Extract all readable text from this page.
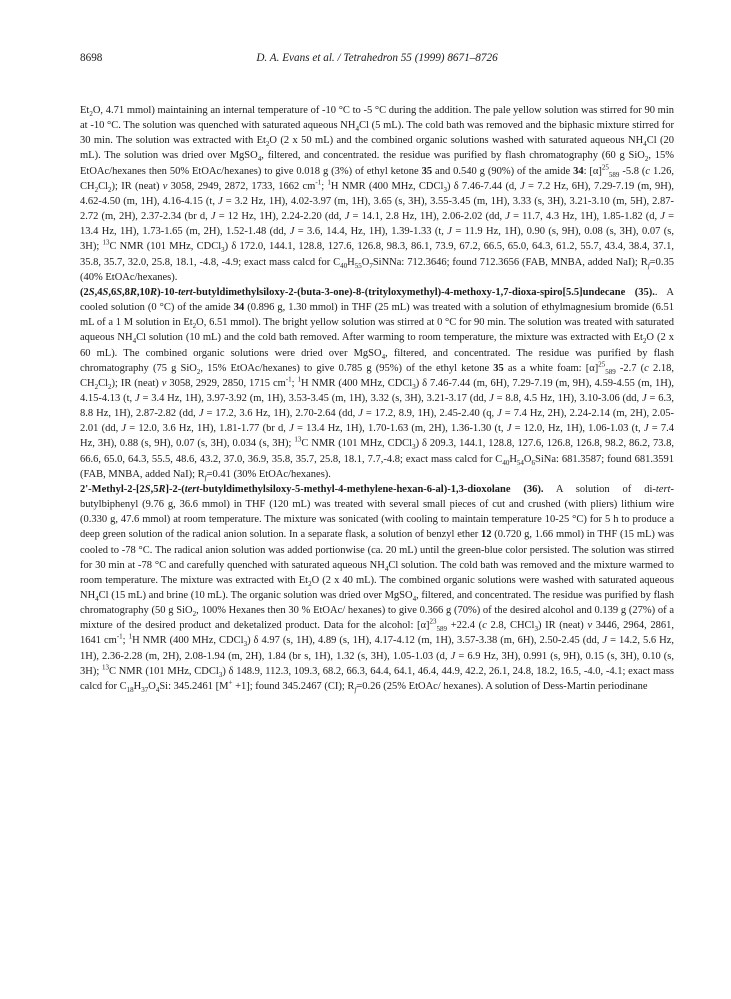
8698	D. A. Evans et al. / Tetrahedron 55 (1999) 8671–8726

$Et_2O$, 4.71 mmol) maintaining an internal temperature of -10 °C to -5 °C during the addition. The pale yellow solution was stirred for 90 min at -10 °C. The solution was quenched with saturated aqueous $NH_4Cl$ (5 mL). The cold bath was removed and the biphasic mixture stirred for 30 min. The solution was extracted with $Et_2O$ (2 x 50 mL) and the combined organic solutions washed with saturated aqueous $NH_4Cl$ (20 mL). The solution was dried over MgSO$_4$, filtered, and concentrated. the residue was purified by flash chromatography (60 g SiO$_2$, 15% EtOAc/hexanes then 50% EtOAc/hexanes) to give 0.018 g (3%) of ethyl ketone 35 and 0.540 g (90%) of the amide 34: $[\alpha]^{25}_{589}$ -5.8 (c 1.26, $CH_2Cl_2$); IR (neat) ν 3058, 2949, 2872, 1733, 1662 $cm^{-1}$; $^1$H NMR (400 MHz, CDCl$_3$) δ 7.46-7.44 (d, J = 7.2 Hz, 6H), 7.29-7.19 (m, 9H), 4.62-4.50 (m, 1H), 4.16-4.15 (t, J = 3.2 Hz, 1H), 4.02-3.97 (m, 1H), 3.65 (s, 3H), 3.55-3.45 (m, 1H), 3.33 (s, 3H), 3.21-3.10 (m, 5H), 2.87-2.72 (m, 2H), 2.37-2.34 (br d, J = 12 Hz, 1H), 2.24-2.20 (dd, J = 14.1, 2.8 Hz, 1H), 2.06-2.02 (dd, J = 11.7, 4.3 Hz, 1H), 1.85-1.82 (d, J = 13.4 Hz, 1H), 1.73-1.65 (m, 2H), 1.52-1.48 (dd, J = 3.6, 14.4, Hz, 1H), 1.39-1.33 (t, J = 11.9 Hz, 1H), 0.90 (s, 9H), 0.08 (s, 3H), 0.07 (s, 3H); $^{13}$C NMR (101 MHz, CDCl$_3$) δ 172.0, 144.1, 128.8, 127.6, 126.8, 98.3, 86.1, 73.9, 67.2, 66.5, 65.0, 64.3, 61.2, 55.7, 43.4, 38.4, 37.1, 35.8, 35.7, 32.0, 25.8, 18.1, -4.8, -4.9; exact mass calcd for $C_{40}H_{55}O_7SiNNa$: 712.3646; found 712.3656 (FAB, MNBA, added NaI); $R_f=0.35$ (40% EtOAc/hexanes).

(2S,4S,6S,8R,10R)-10-tert-butyldimethylsiloxy-2-(buta-3-one)-8-(trityloxymethyl)-4-methoxy-1,7-dioxa-spiro[5.5]undecane (35).. A cooled solution (0 °C) of the amide 34 (0.896 g, 1.30 mmol) in THF (25 mL) was treated with a solution of ethylmagnesium bromide (6.51 mL of a 1 M solution in $Et_2O$, 6.51 mmol). The bright yellow solution was stirred at 0 °C for 90 min. The solution was treated with saturated aqueous $NH_4Cl$ solution (10 mL) and the cold bath removed. After warming to room temperature, the mixture was extracted with $Et_2O$ (2 x 60 mL). The combined organic solutions were dried over MgSO$_4$, filtered, and concentrated. The residue was purified by flash chromatography (75 g SiO$_2$, 15% EtOAc/hexanes) to give 0.785 g (95%) of the ethyl ketone 35 as a white foam: $[\alpha]^{25}_{589}$ -2.7 (c 2.18, $CH_2Cl_2$); IR (neat) ν 3058, 2929, 2850, 1715 $cm^{-1}$; $^1$H NMR (400 MHz, CDCl$_3$) δ 7.46-7.44 (m, 6H), 7.29-7.19 (m, 9H), 4.59-4.55 (m, 1H), 4.15-4.13 (t, J = 3.4 Hz, 1H), 3.97-3.92 (m, 1H), 3.53-3.45 (m, 1H), 3.32 (s, 3H), 3.21-3.17 (dd, J = 8.8, 4.5 Hz, 1H), 3.10-3.06 (dd, J = 6.3, 8.8 Hz, 1H), 2.87-2.82 (dd, J = 17.2, 3.6 Hz, 1H), 2.70-2.64 (dd, J = 17.2, 8.9, 1H), 2.45-2.40 (q, J = 7.4 Hz, 2H), 2.24-2.14 (m, 2H), 2.05-2.01 (dd, J = 12.0, 3.6 Hz, 1H), 1.81-1.77 (br d, J = 13.4 Hz, 1H), 1.70-1.63 (m, 2H), 1.36-1.30 (t, J = 12.0, Hz, 1H), 1.06-1.03 (t, J = 7.4 Hz, 3H), 0.88 (s, 9H), 0.07 (s, 3H), 0.034 (s, 3H); $^{13}$C NMR (101 MHz, CDCl$_3$) δ 209.3, 144.1, 128.8, 127.6, 126.8, 126.8, 98.2, 86.2, 73.8, 66.6, 65.0, 64.3, 55.5, 48.6, 43.2, 37.0, 36.9, 35.8, 35.7, 25.8, 18.1, 7.7,-4.8; exact mass calcd for $C_{40}H_{54}O_6SiNa$: 681.3587; found 681.3591 (FAB, MNBA, added NaI); $R_f=0.41$ (30% EtOAc/hexanes).

2'-Methyl-2-[2S,5R]-2-(tert-butyldimethylsiloxy-5-methyl-4-methylene-hexan-6-al)-1,3-dioxolane (36). A solution of di-tert-butylbiphenyl (9.76 g, 36.6 mmol) in THF (120 mL) was treated with several small pieces of cut and crushed (with pliers) lithium wire (0.330 g, 47.6 mmol) at room temperature. The mixture was sonicated (with cooling to maintain temperature 10-25 °C) for 5 h to produce a deep green solution of the radical anion solution. In a separate flask, a solution of benzyl ether 12 (0.720 g, 1.66 mmol) in THF (15 mL) was cooled to -78 °C. The radical anion solution was added portionwise (ca. 20 mL) until the green-blue color persisted. The solution was stirred for 30 min at -78 °C and carefully quenched with saturated aqueous $NH_4Cl$ solution. The cold bath was removed and the mixture warmed to room temperature. The mixture was extracted with $Et_2O$ (2 x 40 mL). The combined organic solutions were washed with saturated aqueous $NH_4Cl$ (15 mL) and brine (10 mL). The organic solution was dried over MgSO$_4$, filtered, and concentrated. The residue was purified by flash chromatography (50 g SiO$_2$, 100% Hexanes then 30 % EtOAc/ hexanes) to give 0.366 g (70%) of the desired alcohol and 0.139 g (27%) of a mixture of the desired product and deketalized product. Data for the alcohol: $[\alpha]^{23}_{589} +22.4$ (c 2.8, CHCl$_3$) IR (neat) ν 3446, 2964, 2861, 1641 $cm^{-1}$; $^1$H NMR (400 MHz, CDCl$_3$) δ 4.97 (s, 1H), 4.89 (s, 1H), 4.17-4.12 (m, 1H), 3.57-3.38 (m, 6H), 2.50-2.45 (dd, J = 14.2, 5.6 Hz, 1H), 2.36-2.28 (m, 2H), 2.08-1.94 (m, 2H), 1.84 (br s, 1H), 1.32 (s, 3H), 1.05-1.03 (d, J = 6.9 Hz, 3H), 0.991 (s, 9H), 0.15 (s, 3H), 0.10 (s, 3H); $^{13}$C NMR (101 MHz, CDCl$_3$) δ 148.9, 112.3, 109.3, 68.2, 66.3, 64.4, 64.1, 46.4, 44.9, 42.2, 26.1, 24.8, 18.2, 16.5, -4.0, -4.1; exact mass calcd for $C_{18}H_{37}O_4Si$: 345.2461 [M+ +1]; found 345.2467 (CI); $R_f=0.26$ (25% EtOAc/ hexanes). A solution of Dess-Martin periodinane
